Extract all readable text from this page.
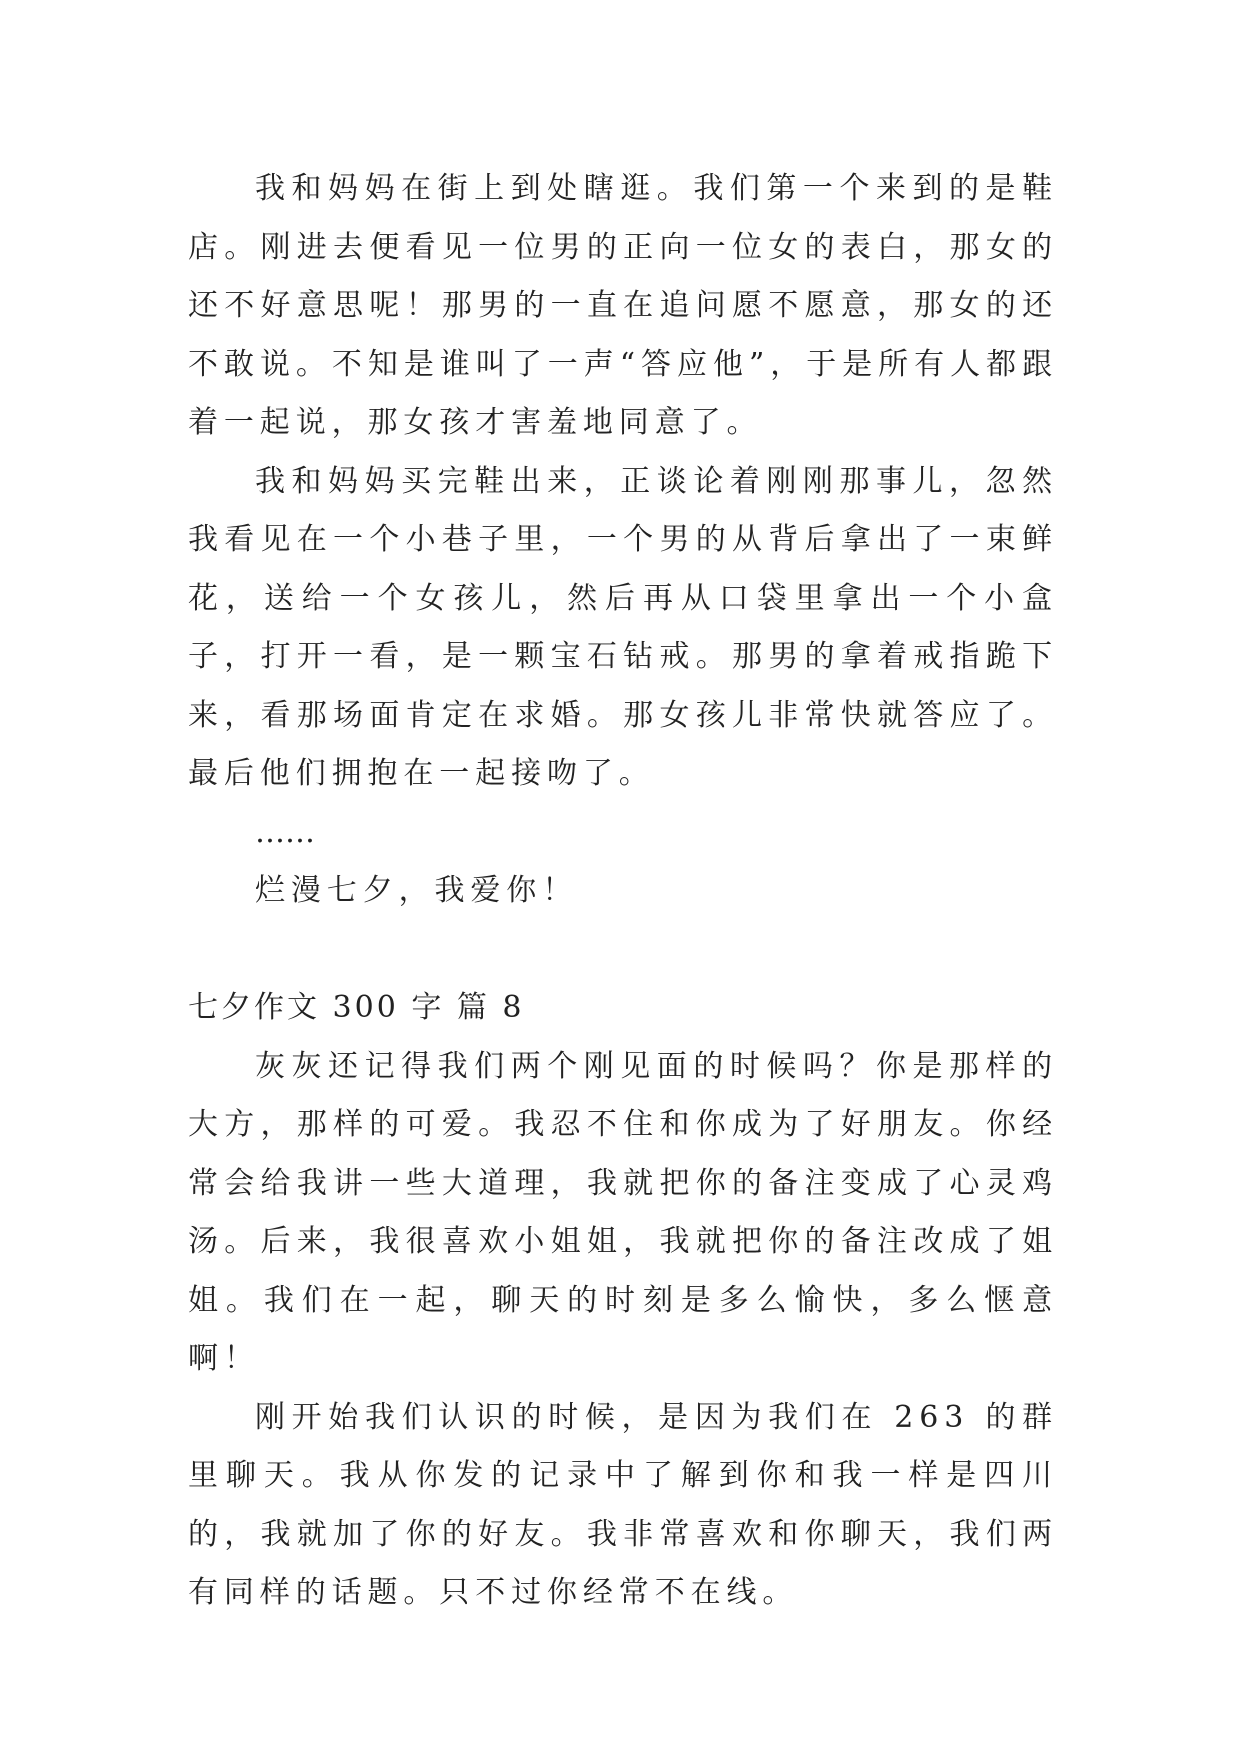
我和妈妈在街上到处瞎逛。我们第一个来到的是鞋店。刚进去便看见一位男的正向一位女的表白，那女的还不好意思呢！那男的一直在追问愿不愿意，那女的还不敢说。不知是谁叫了一声“答应他”，于是所有人都跟着一起说，那女孩才害羞地同意了。

我和妈妈买完鞋出来，正谈论着刚刚那事儿，忽然我看见在一个小巷子里，一个男的从背后拿出了一束鲜花，送给一个女孩儿，然后再从口袋里拿出一个小盒子，打开一看，是一颗宝石钻戒。那男的拿着戒指跪下来，看那场面肯定在求婚。那女孩儿非常快就答应了。最后他们拥抱在一起接吻了。

……

烂漫七夕，我爱你！

七夕作文 300 字 篇 8

灰灰还记得我们两个刚见面的时候吗？你是那样的大方，那样的可爱。我忍不住和你成为了好朋友。你经常会给我讲一些大道理，我就把你的备注变成了心灵鸡汤。后来，我很喜欢小姐姐，我就把你的备注改成了姐姐。我们在一起，聊天的时刻是多么愉快，多么惬意啊！

刚开始我们认识的时候，是因为我们在 263 的群里聊天。我从你发的记录中了解到你和我一样是四川的，我就加了你的好友。我非常喜欢和你聊天，我们两有同样的话题。只不过你经常不在线。
